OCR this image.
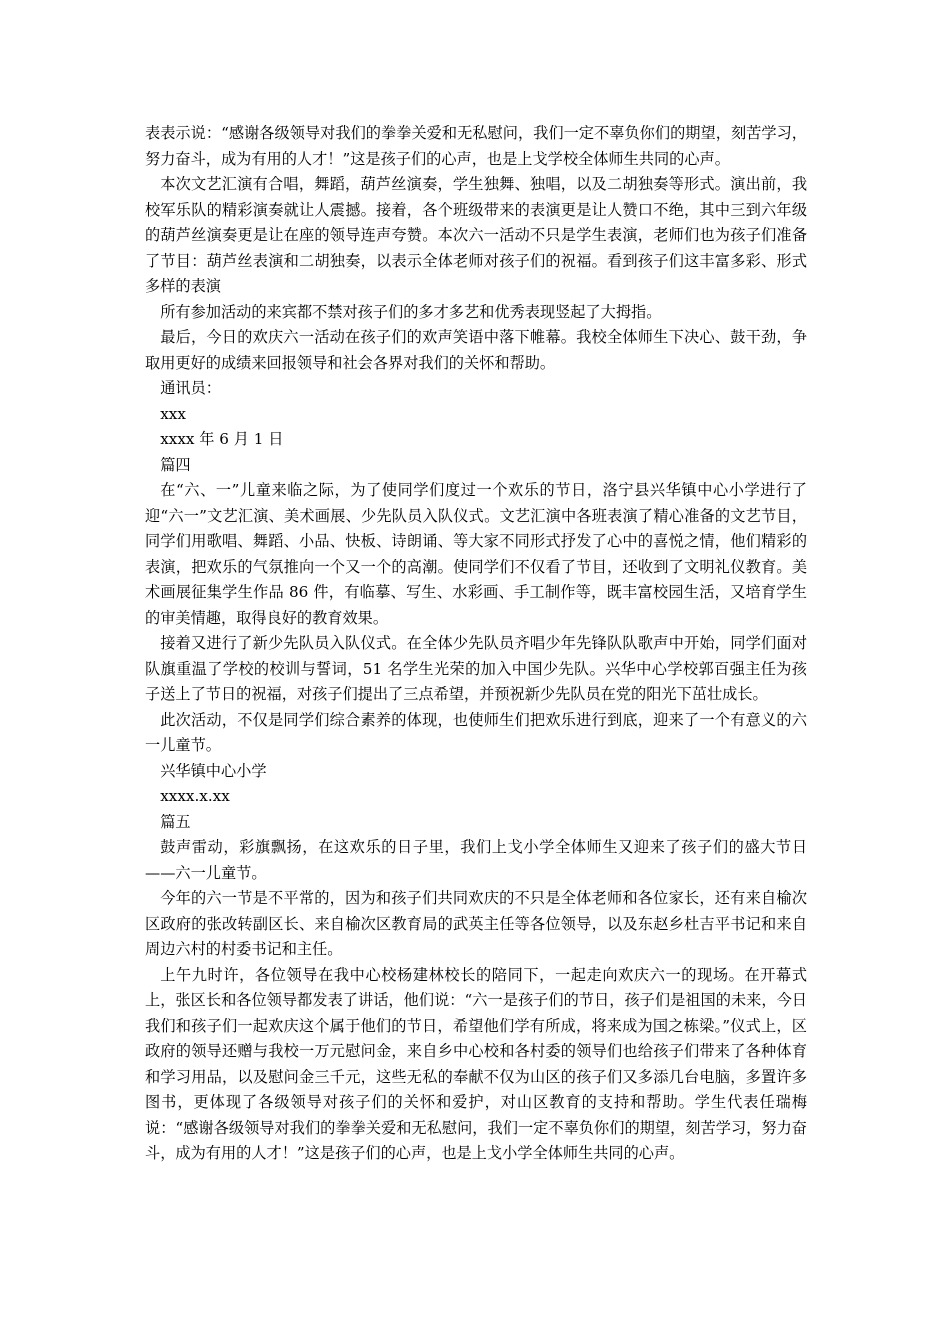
表表示说：“感谢各级领导对我们的拳拳关爱和无私慰问，我们一定不辜负你们的期望，刻苦学习，努力奋斗，成为有用的人才！”这是孩子们的心声，也是上戈学校全体师生共同的心声。

本次文艺汇演有合唱，舞蹈，葫芦丝演奏，学生独舞、独唱，以及二胡独奏等形式。演出前，我校军乐队的精彩演奏就让人震撼。接着，各个班级带来的表演更是让人赞口不绝，其中三到六年级的葫芦丝演奏更是让在座的领导连声夸赞。本次六一活动不只是学生表演，老师们也为孩子们准备了节目：葫芦丝表演和二胡独奏，以表示全体老师对孩子们的祝福。看到孩子们这丰富多彩、形式多样的表演

所有参加活动的来宾都不禁对孩子们的多才多艺和优秀表现竖起了大拇指。

最后，今日的欢庆六一活动在孩子们的欢声笑语中落下帷幕。我校全体师生下决心、鼓干劲，争取用更好的成绩来回报领导和社会各界对我们的关怀和帮助。

通讯员：

xxx

xxxx 年 6 月 1 日

篇四

在“六、一”儿童来临之际，为了使同学们度过一个欢乐的节日，洛宁县兴华镇中心小学进行了迎“六一”文艺汇演、美术画展、少先队员入队仪式。文艺汇演中各班表演了精心准备的文艺节目，同学们用歌唱、舞蹈、小品、快板、诗朗诵、等大家不同形式抒发了心中的喜悦之情，他们精彩的表演，把欢乐的气氛推向一个又一个的高潮。使同学们不仅看了节目，还收到了文明礼仪教育。美术画展征集学生作品 86 件，有临摹、写生、水彩画、手工制作等，既丰富校园生活，又培育学生的审美情趣，取得良好的教育效果。

接着又进行了新少先队员入队仪式。在全体少先队员齐唱少年先锋队队歌声中开始，同学们面对队旗重温了学校的校训与誓词，51 名学生光荣的加入中国少先队。兴华中心学校郭百强主任为孩子送上了节日的祝福，对孩子们提出了三点希望，并预祝新少先队员在党的阳光下茁壮成长。

此次活动，不仅是同学们综合素养的体现，也使师生们把欢乐进行到底，迎来了一个有意义的六一儿童节。

兴华镇中心小学

xxxx.x.xx

篇五

鼓声雷动，彩旗飘扬，在这欢乐的日子里，我们上戈小学全体师生又迎来了孩子们的盛大节日——六一儿童节。

今年的六一节是不平常的，因为和孩子们共同欢庆的不只是全体老师和各位家长，还有来自榆次区政府的张改转副区长、来自榆次区教育局的武英主任等各位领导，以及东赵乡杜吉平书记和来自周边六村的村委书记和主任。

上午九时许，各位领导在我中心校杨建林校长的陪同下，一起走向欢庆六一的现场。在开幕式上，张区长和各位领导都发表了讲话，他们说：“六一是孩子们的节日，孩子们是祖国的未来，今日我们和孩子们一起欢庆这个属于他们的节日，希望他们学有所成，将来成为国之栋梁。”仪式上，区政府的领导还赠与我校一万元慰问金，来自乡中心校和各村委的领导们也给孩子们带来了各种体育和学习用品，以及慰问金三千元，这些无私的奉献不仅为山区的孩子们又多添几台电脑，多置许多图书，更体现了各级领导对孩子们的关怀和爱护，对山区教育的支持和帮助。学生代表任瑞梅说：“感谢各级领导对我们的拳拳关爱和无私慰问，我们一定不辜负你们的期望，刻苦学习，努力奋斗，成为有用的人才！”这是孩子们的心声，也是上戈小学全体师生共同的心声。
